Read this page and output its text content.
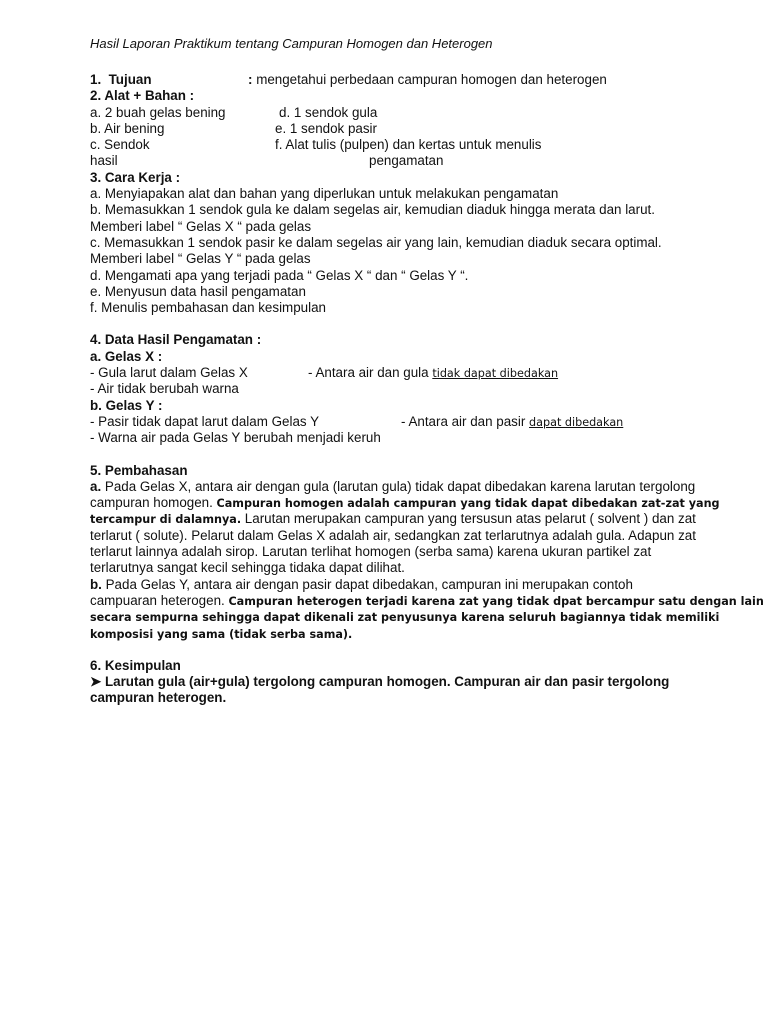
Hasil Laporan Praktikum tentang Campuran Homogen dan Heterogen
1. Tujuan	: mengetahui perbedaan campuran homogen dan heterogen
2. Alat + Bahan :
a. 2 buah gelas bening	d. 1 sendok gula
b. Air bening	e. 1 sendok pasir
c. Sendok	f. Alat tulis (pulpen) dan kertas untuk menulis
hasil	pengamatan
3. Cara Kerja :
a. Menyiapakan alat dan bahan yang diperlukan untuk melakukan pengamatan
b. Memasukkan 1 sendok gula ke dalam segelas air, kemudian diaduk hingga merata dan larut.
Memberi label “ Gelas X “ pada gelas
c. Memasukkan 1 sendok pasir ke dalam segelas air yang lain, kemudian diaduk secara optimal.
Memberi label “ Gelas Y “ pada gelas
d. Mengamati apa yang terjadi pada “ Gelas X “ dan “ Gelas Y “.
e. Menyusun data hasil pengamatan
f. Menulis pembahasan dan kesimpulan
4. Data Hasil Pengamatan :
a. Gelas X :
- Gula larut dalam Gelas X	- Antara air dan gula tidak dapat dibedakan
- Air tidak berubah warna
b. Gelas Y :
- Pasir tidak dapat larut dalam Gelas Y	- Antara air dan pasir dapat dibedakan
- Warna air pada Gelas Y berubah menjadi keruh
5. Pembahasan
a. Pada Gelas X, antara air dengan gula (larutan gula) tidak dapat dibedakan karena larutan tergolong
campuran homogen. Campuran homogen adalah campuran yang tidak dapat dibedakan zat-zat yang
tercampur di dalamnya. Larutan merupakan campuran yang tersusun atas pelarut ( solvent ) dan zat
terlarut ( solute). Pelarut dalam Gelas X adalah air, sedangkan zat terlarutnya adalah gula. Adapun zat
terlarut lainnya adalah sirop. Larutan terlihat homogen (serba sama) karena ukuran partikel zat
terlarutnya sangat kecil sehingga tidaka dapat dilihat.
b. Pada Gelas Y, antara air dengan pasir dapat dibedakan, campuran ini merupakan contoh
campuaran heterogen. Campuran heterogen terjadi karena zat yang tidak dpat bercampur satu dengan lain
secara sempurna sehingga dapat dikenali zat penyusunya karena seluruh bagiannya tidak memiliki
komposisi yang sama (tidak serba sama).
6. Kesimpulan
➤ Larutan gula (air+gula) tergolong campuran homogen. Campuran air dan pasir tergolong
campuran heterogen.
